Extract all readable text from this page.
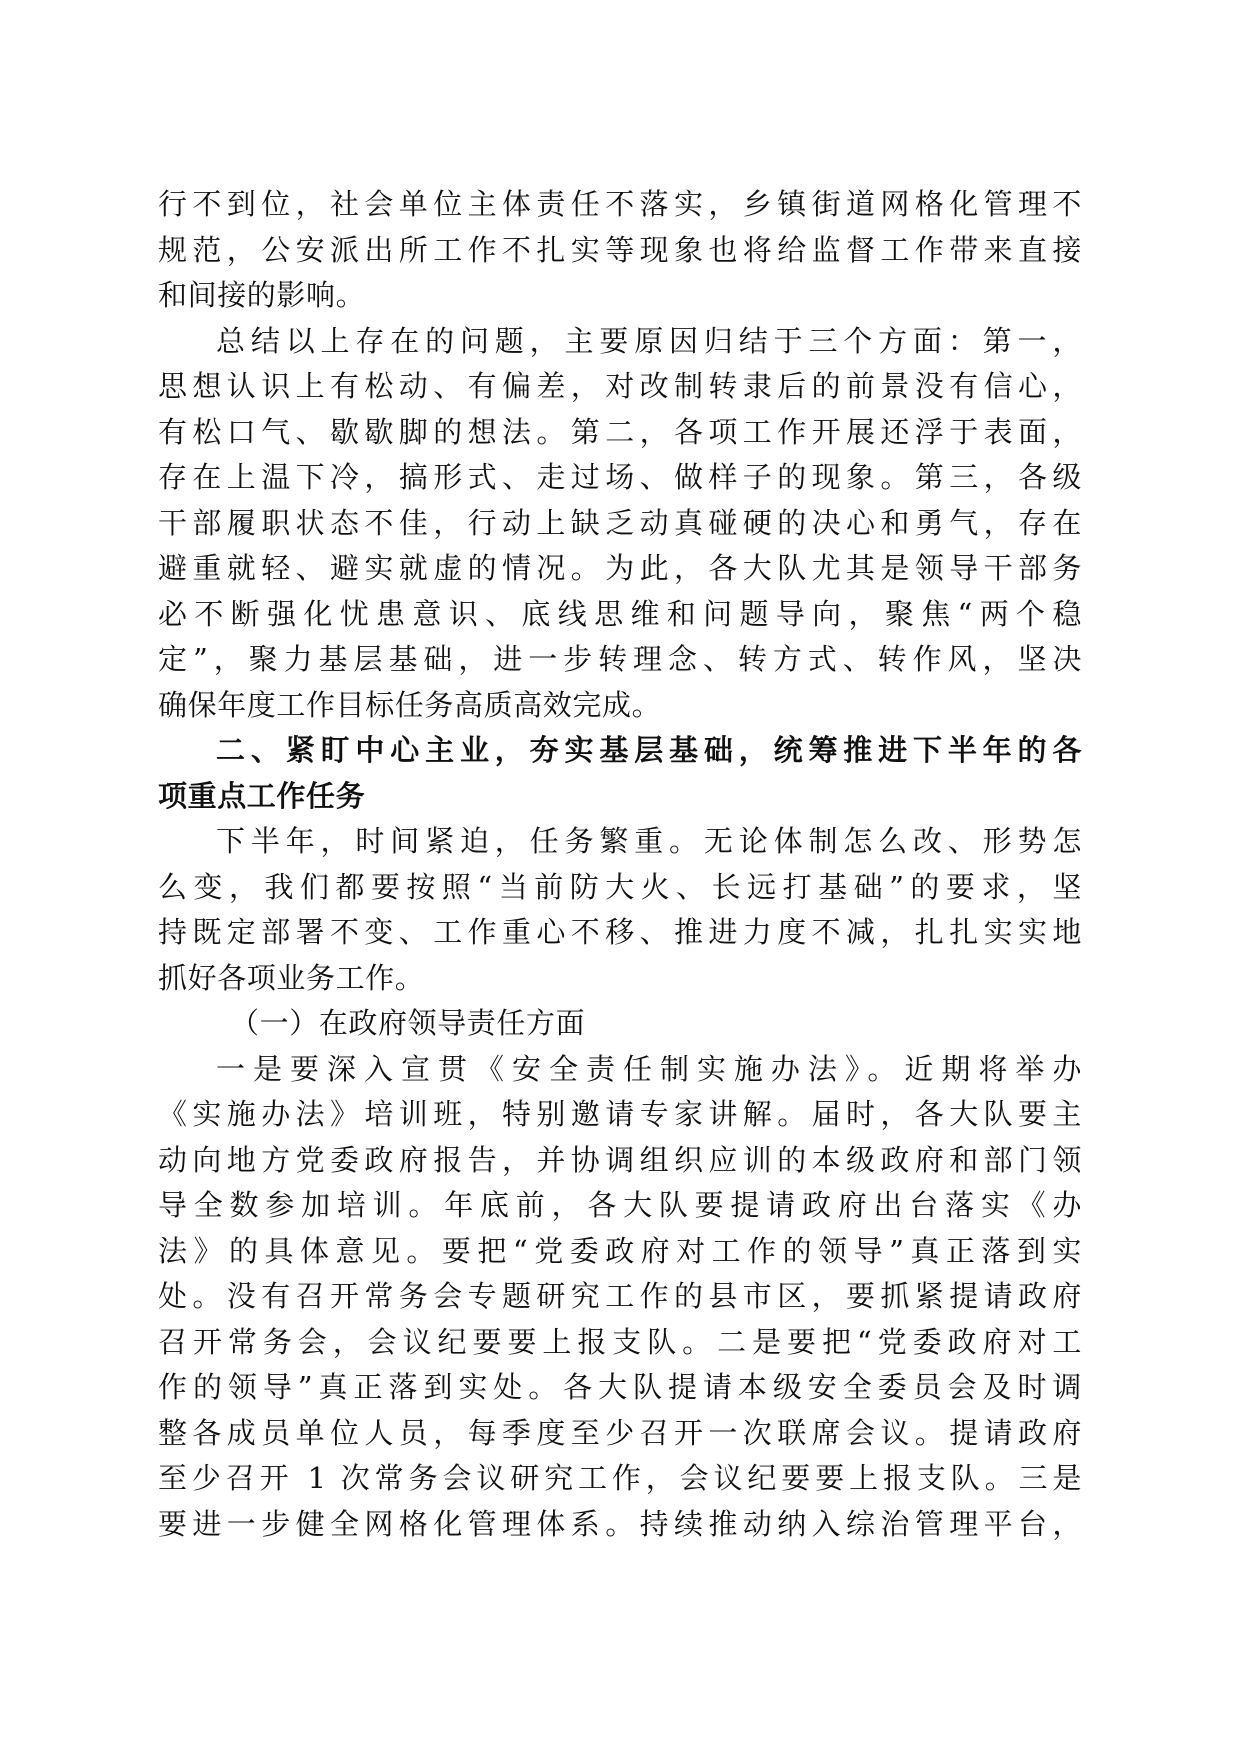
行不到位，社会单位主体责任不落实，乡镇街道网格化管理不
规范，公安派出所工作不扎实等现象也将给监督工作带来直接
和间接的影响。
总结以上存在的问题，主要原因归结于三个方面：第一，
思想认识上有松动、有偏差，对改制转隶后的前景没有信心，
有松口气、歇歇脚的想法。第二，各项工作开展还浮于表面，
存在上温下冷，搞形式、走过场、做样子的现象。第三，各级
干部履职状态不佳，行动上缺乏动真碰硬的决心和勇气，存在
避重就轻、避实就虚的情况。为此，各大队尤其是领导干部务
必不断强化忧患意识、底线思维和问题导向，聚焦“两个稳
定”，聚力基层基础，进一步转理念、转方式、转作风，坚决
确保年度工作目标任务高质高效完成。
二、紧盯中心主业，夯实基层基础，统筹推进下半年的各
项重点工作任务
下半年，时间紧迫，任务繁重。无论体制怎么改、形势怎
么变，我们都要按照“当前防大火、长远打基础”的要求，坚
持既定部署不变、工作重心不移、推进力度不减，扎扎实实地
抓好各项业务工作。
（一）在政府领导责任方面
一是要深入宣贯《安全责任制实施办法》。近期将举办
《实施办法》培训班，特别邀请专家讲解。届时，各大队要主
动向地方党委政府报告，并协调组织应训的本级政府和部门领
导全数参加培训。年底前，各大队要提请政府出台落实《办
法》的具体意见。要把“党委政府对工作的领导”真正落到实
处。没有召开常务会专题研究工作的县市区，要抓紧提请政府
召开常务会，会议纪要要上报支队。二是要把“党委政府对工
作的领导”真正落到实处。各大队提请本级安全委员会及时调
整各成员单位人员，每季度至少召开一次联席会议。提请政府
至少召开 1 次常务会议研究工作，会议纪要要上报支队。三是
要进一步健全网格化管理体系。持续推动纳入综治管理平台，
